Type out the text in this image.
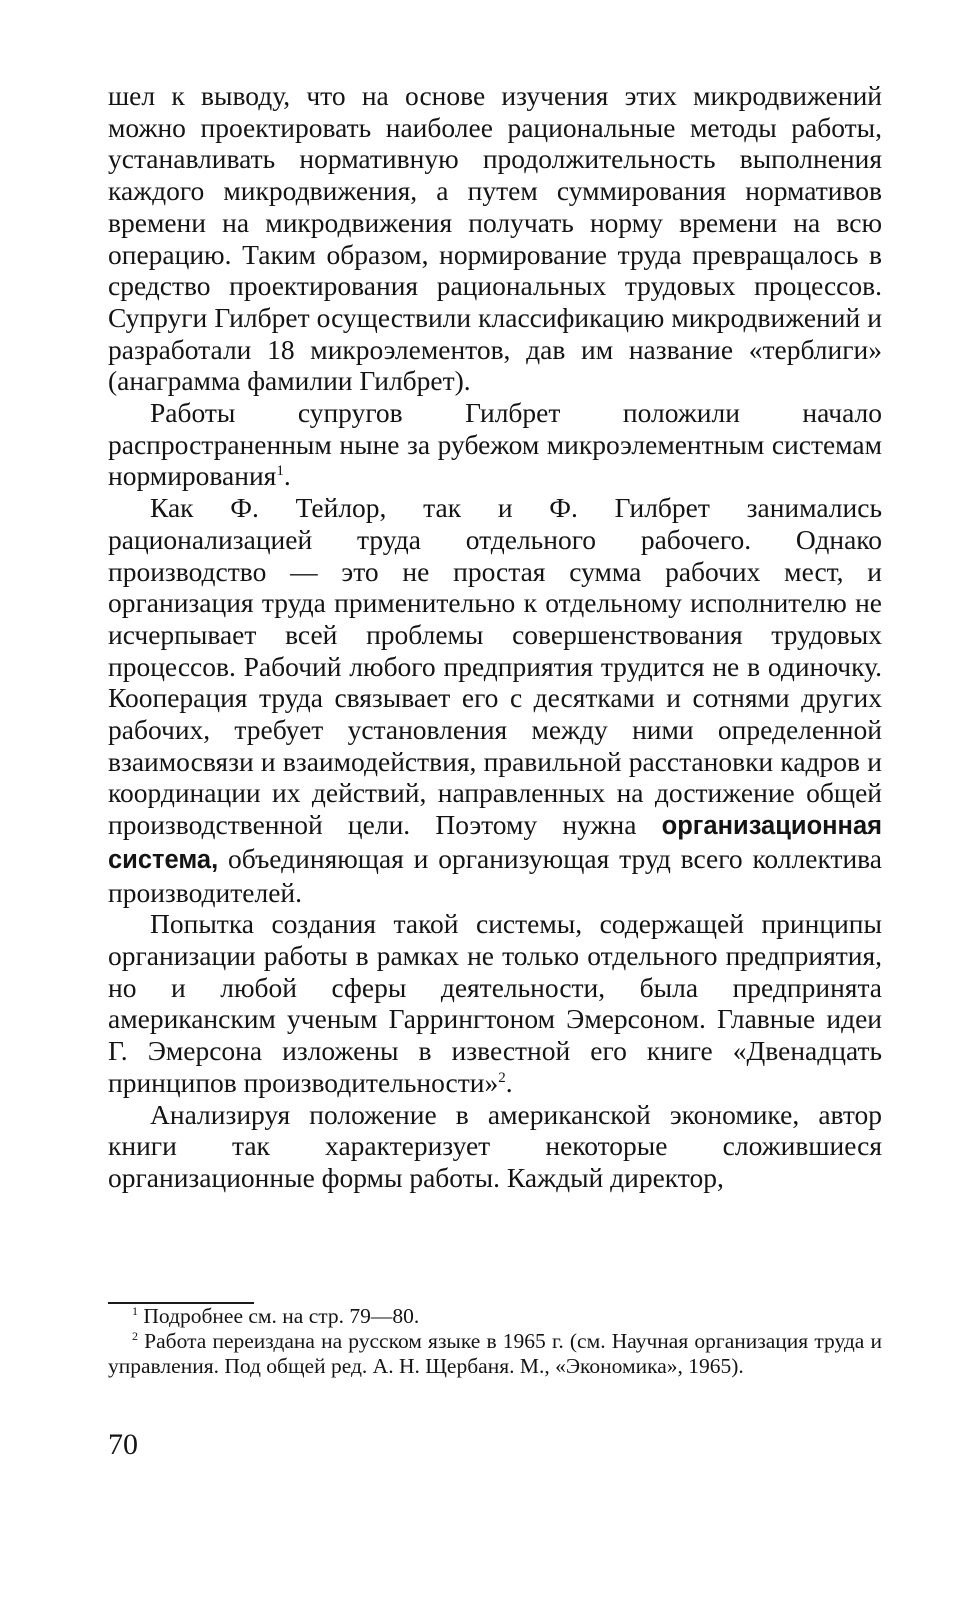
шел к выводу, что на основе изучения этих микродвижений можно проектировать наиболее рациональные методы работы, устанавливать нормативную продолжительность выполнения каждого микродвижения, а путем суммирования нормативов времени на микродвижения получать норму времени на всю операцию. Таким образом, нормирование труда превращалось в средство проектирования рациональных трудовых процессов. Супруги Гилбрет осуществили классификацию микродвижений и разработали 18 микроэлементов, дав им название «терблиги» (анаграмма фамилии Гилбрет).

Работы супругов Гилбрет положили начало распространенным ныне за рубежом микроэлементным системам нормирования$^1$.

Как Ф. Тейлор, так и Ф. Гилбрет занимались рационализацией труда отдельного рабочего. Однако производство — это не простая сумма рабочих мест, и организация труда применительно к отдельному исполнителю не исчерпывает всей проблемы совершенствования трудовых процессов. Рабочий любого предприятия трудится не в одиночку. Кооперация труда связывает его с десятками и сотнями других рабочих, требует установления между ними определенной взаимосвязи и взаимодействия, правильной расстановки кадров и координации их действий, направленных на достижение общей производственной цели. Поэтому нужна организационная система, объединяющая и организующая труд всего коллектива производителей.

Попытка создания такой системы, содержащей принципы организации работы в рамках не только отдельного предприятия, но и любой сферы деятельности, была предпринята американским ученым Гаррингтоном Эмерсоном. Главные идеи Г. Эмерсона изложены в известной его книге «Двенадцать принципов производительности»$^2$.

Анализируя положение в американской экономике, автор книги так характеризует некоторые сложившиеся организационные формы работы. Каждый директор,

$^1$ Подробнее см. на стр. 79—80.

$^2$ Работа переиздана на русском языке в 1965 г. (см. Научная организация труда и управления. Под общей ред. А. Н. Щербаня. М., «Экономика», 1965).

70
